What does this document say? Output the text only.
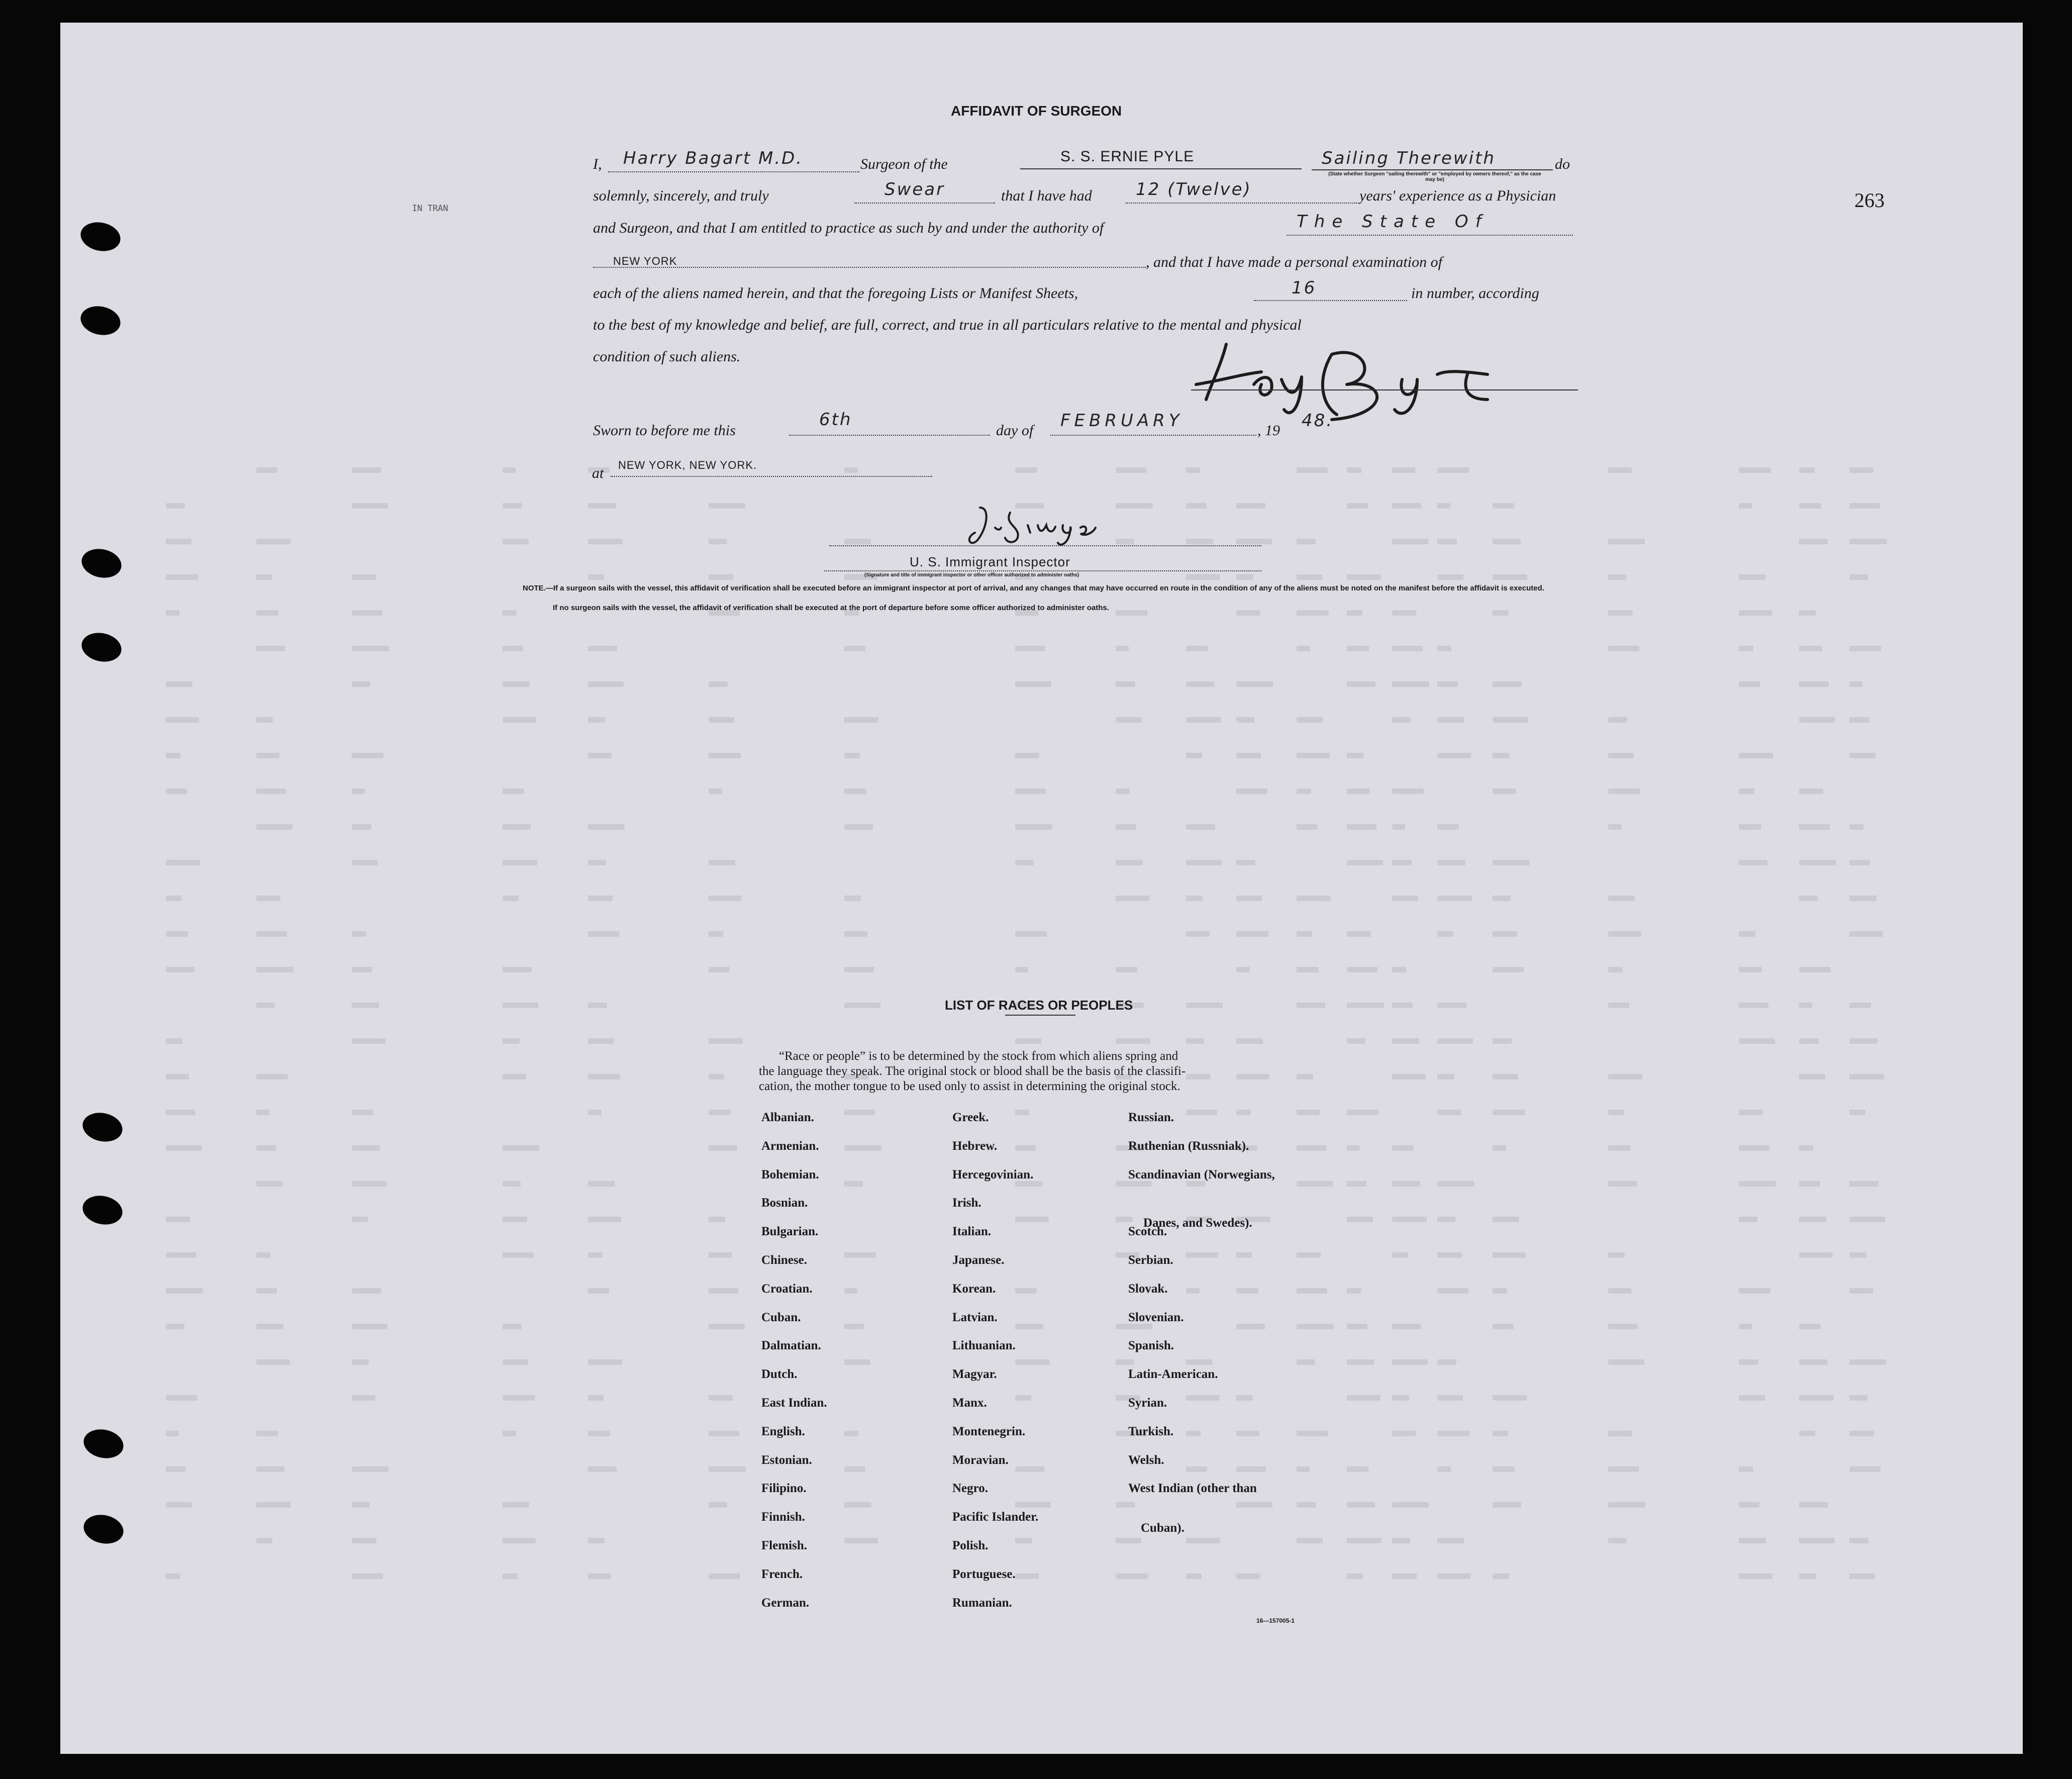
IN TRAN	263
AFFIDAVIT OF SURGEON
I, Harry Bagart M.D.	Surgeon of the	S. S. ERNIE PYLE	Sailing Therewith	do
(State whether Surgeon "sailing therewith" or "employed by owners thereof," as the case may be)
solemnly, sincerely, and truly	Swear	that I have had	12 (Twelve)	years' experience as a Physician
and Surgeon, and that I am entitled to practice as such by and under the authority of	The State Of
NEW YORK	, and that I have made a personal examination of
each of the aliens named herein, and that the foregoing Lists or Manifest Sheets,	16	in number, according
to the best of my knowledge and belief, are full, correct, and true in all particulars relative to the mental and physical
condition of such aliens.
Sworn to before me this
6th
day of FEBRUARY	, 19 48.
at NEW YORK, NEW YORK.
U. S. Immigrant Inspector
(Signature and title of immigrant inspector or other officer authorized to administer oaths)
NOTE.—If a surgeon sails with the vessel, this affidavit of verification shall be executed before an immigrant inspector at port of arrival, and any changes that may have occurred en route in the condition of any of the aliens must be noted on the manifest before the affidavit is executed.
If no surgeon sails with the vessel, the affidavit of verification shall be executed at the port of departure before some officer authorized to administer oaths.
LIST OF RACES OR PEOPLES
“Race or people” is to be determined by the stock from which aliens spring and
the language they speak. The original stock or blood shall be the basis of the classifi-
cation, the mother tongue to be used only to assist in determining the original stock.
Albanian.
Armenian.
Bohemian.
Bosnian.
Bulgarian.
Chinese.
Croatian.
Cuban.
Dalmatian.
Dutch.
East Indian.
English.
Estonian.
Filipino.
Finnish.
Flemish.
French.
German.
Greek.
Hebrew.
Hercegovinian.
Irish.
Italian.
Japanese.
Korean.
Latvian.
Lithuanian.
Magyar.
Manx.
Montenegrin.
Moravian.
Negro.
Pacific Islander.
Polish.
Portuguese.
Rumanian.
Russian.
Ruthenian (Russniak).
Scandinavian (Norwegians,
Scotch.
Serbian.
Slovak.
Slovenian.
Spanish.
Latin-American.
Syrian.
Turkish.
Welsh.
West Indian (other than
Danes, and Swedes).
Cuban).
16—157005-1
